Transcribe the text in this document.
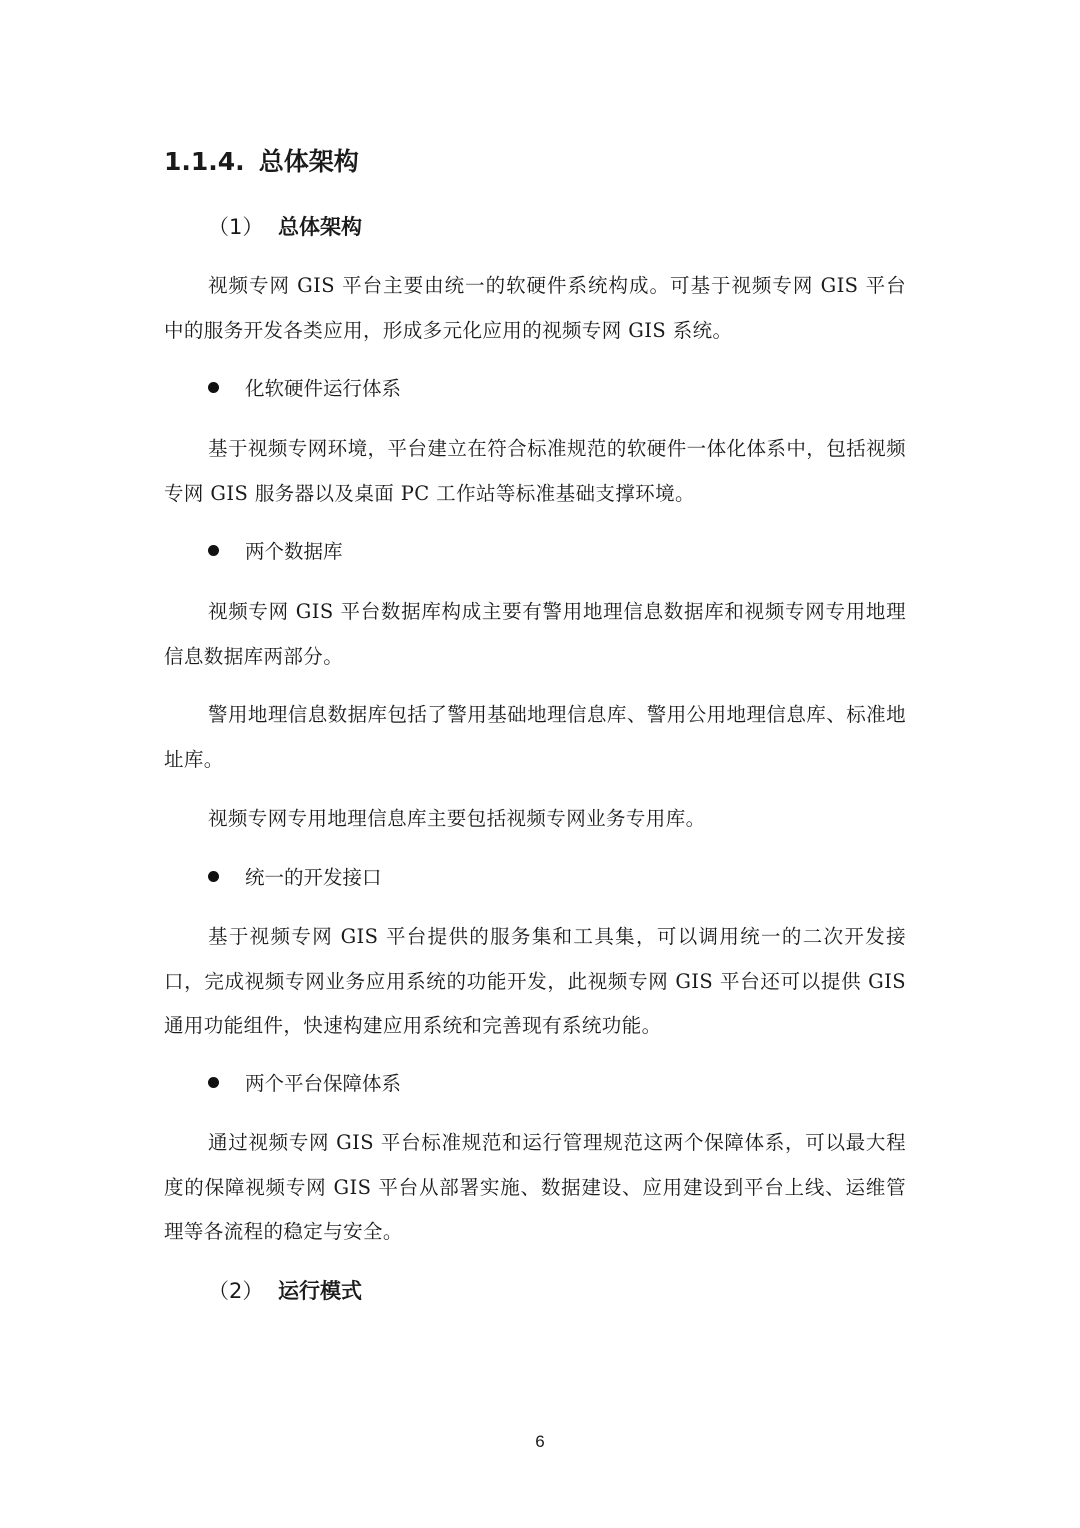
1.1.4. 总体架构
（1） 总体架构
视频专网 GIS 平台主要由统一的软硬件系统构成。可基于视频专网 GIS 平台中的服务开发各类应用，形成多元化应用的视频专网 GIS 系统。
化软硬件运行体系
基于视频专网环境，平台建立在符合标准规范的软硬件一体化体系中，包括视频专网 GIS 服务器以及桌面 PC 工作站等标准基础支撑环境。
两个数据库
视频专网 GIS 平台数据库构成主要有警用地理信息数据库和视频专网专用地理信息数据库两部分。
警用地理信息数据库包括了警用基础地理信息库、警用公用地理信息库、标准地址库。
视频专网专用地理信息库主要包括视频专网业务专用库。
统一的开发接口
基于视频专网 GIS 平台提供的服务集和工具集，可以调用统一的二次开发接口，完成视频专网业务应用系统的功能开发，此视频专网 GIS 平台还可以提供 GIS 通用功能组件，快速构建应用系统和完善现有系统功能。
两个平台保障体系
通过视频专网 GIS 平台标准规范和运行管理规范这两个保障体系，可以最大程度的保障视频专网 GIS 平台从部署实施、数据建设、应用建设到平台上线、运维管理等各流程的稳定与安全。
（2） 运行模式
6
